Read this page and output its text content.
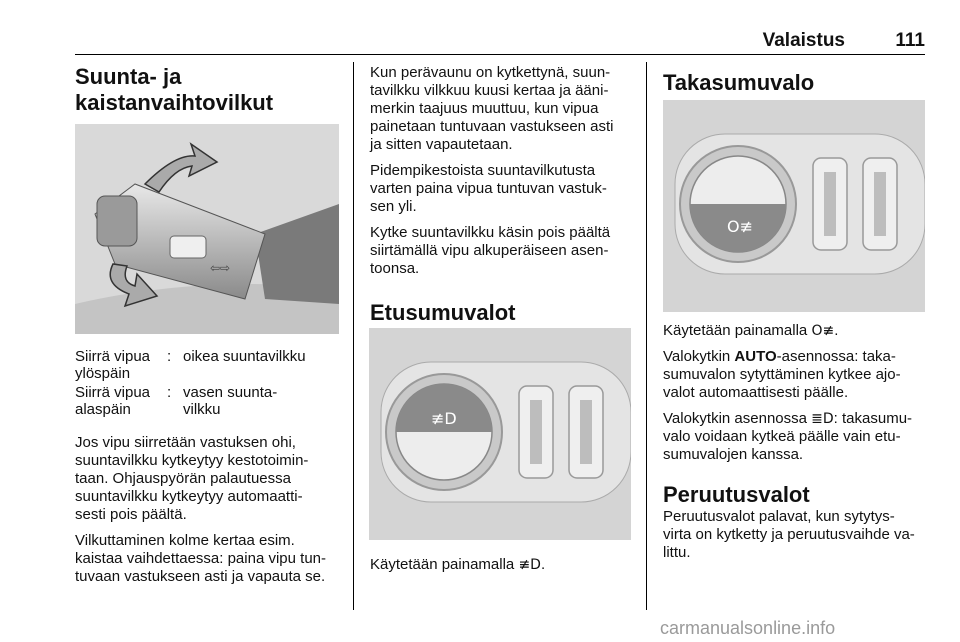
Valaistus	111
Suunta- ja
kaistanvaihtovilkut
⇦⇨
Siirrä vipua
ylöspäin	:	oikea suuntavilkku
Siirrä vipua
alaspäin	:	vasen suunta-
vilkku

Jos vipu siirretään vastuksen ohi,
suuntavilkku kytkeytyy kestotoimin-
taan. Ohjauspyörän palautuessa
suuntavilkku kytkeytyy automaatti-
sesti pois päältä.

Vilkuttaminen kolme kertaa esim.
kaistaa vaihdettaessa: paina vipu tun-
tuvaan vastukseen asti ja vapauta se.

Kun perävaunu on kytkettynä, suun-
tavilkku vilkkuu kuusi kertaa ja ääni-
merkin taajuus muuttuu, kun vipua
painetaan tuntuvaan vastukseen asti
ja sitten vapautetaan.

Pidempikestoista suuntavilkutusta
varten paina vipua tuntuvan vastuk-
sen yli.

Kytke suuntavilkku käsin pois päältä
siirtämällä vipu alkuperäiseen asen-
toonsa.

Etusumuvalot
≢D
Käytetään painamalla ≢D.
Takasumuvalo
O≢

Käytetään painamalla O≢.

Valokytkin AUTO-asennossa: taka-
sumuvalon sytyttäminen kytkee ajo-
valot automaattisesti päälle.

Valokytkin asennossa ≣D: takasumu-
valo voidaan kytkeä päälle vain etu-
sumuvalojen kanssa.

Peruutusvalot

Peruutusvalot palavat, kun sytytys-
virta on kytketty ja peruutusvaihde va-
littu.

carmanualsonline.info
